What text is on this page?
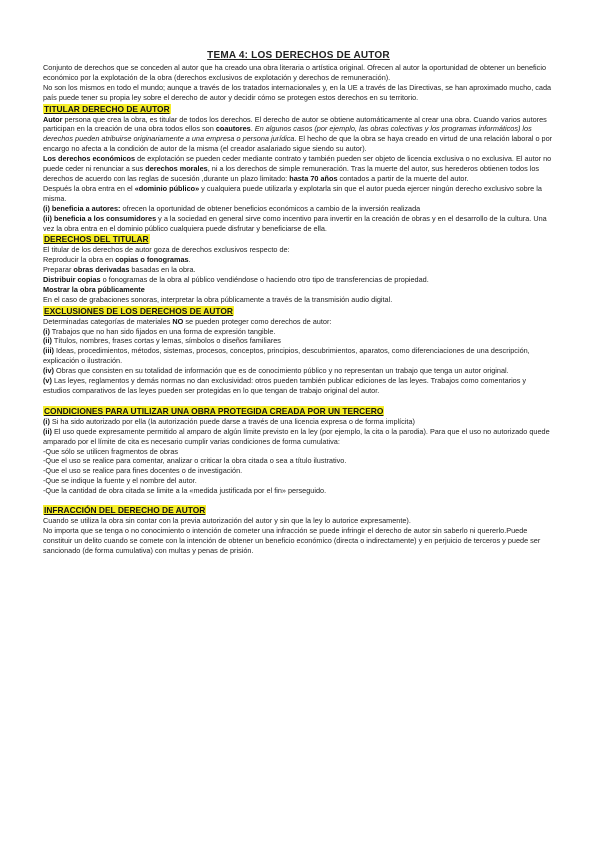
TEMA 4: LOS DERECHOS DE AUTOR

Conjunto de derechos que se conceden al autor que ha creado una obra literaria o artística original. Ofrecen al autor la oportunidad de obtener un beneficio económico por la explotación de la obra (derechos exclusivos de explotación y derechos de remuneración).

No son los mismos en todo el mundo; aunque a través de los tratados internacionales y, en la UE a través de las Directivas, se han aproximado mucho, cada país puede tener su propia ley sobre el derecho de autor y decidir cómo se protegen estos derechos en su territorio.

TITULAR DERECHO DE AUTOR

Autor persona que crea la obra, es titular de todos los derechos. El derecho de autor se obtiene automáticamente al crear una obra. Cuando varios autores participan en la creación de una obra todos ellos son coautores. En algunos casos (por ejemplo, las obras colectivas y los programas informáticos) los derechos pueden atribuirse originariamente a una empresa o persona jurídica. El hecho de que la obra se haya creado en virtud de una relación laboral o por encargo no afecta a la condición de autor de la misma (el creador asalariado sigue siendo su autor).

Los derechos económicos de explotación se pueden ceder mediante contrato y también pueden ser objeto de licencia exclusiva o no exclusiva. El autor no puede ceder ni renunciar a sus derechos morales, ni a los derechos de simple remuneración. Tras la muerte del autor, sus herederos obtienen todos los derechos de acuerdo con las reglas de sucesión ,durante un plazo limitado: hasta 70 años contados a partir de la muerte del autor.

Después la obra entra en el «dominio público» y cualquiera puede utilizarla y explotarla sin que el autor pueda ejercer ningún derecho exclusivo sobre la misma.

(i) beneficia a autores: ofrecen la oportunidad de obtener beneficios económicos a cambio de la inversión realizada

(ii) beneficia a los consumidores y a la sociedad en general sirve como incentivo para invertir en la creación de obras y en el desarrollo de la cultura. Una vez la obra entra en el dominio público cualquiera puede disfrutar y beneficiarse de ella.

DERECHOS DEL TITULAR

El titular de los derechos de autor goza de derechos exclusivos respecto de:

Reproducir la obra en copias o fonogramas.

Preparar obras derivadas basadas en la obra.

Distribuir copias o fonogramas de la obra al público vendiéndose o haciendo otro tipo de transferencias de propiedad.

Mostrar la obra públicamente

En el caso de grabaciones sonoras, interpretar la obra públicamente a través de la transmisión audio digital.

EXCLUSIONES DE LOS DERECHOS DE AUTOR

Determinadas categorías de materiales NO se pueden proteger como derechos de autor:

(i) Trabajos que no han sido fijados en una forma de expresión tangible.

(ii) Títulos, nombres, frases cortas y lemas, símbolos o diseños familiares

(iii) Ideas, procedimientos, métodos, sistemas, procesos, conceptos, principios, descubrimientos, aparatos, como diferenciaciones de una descripción, explicación o ilustración.

(iv) Obras que consisten en su totalidad de información que es de conocimiento público y no representan un trabajo que tenga un autor original.

(v) Las leyes, reglamentos y demás normas no dan exclusividad: otros pueden también publicar ediciones de las leyes. Trabajos como comentarios y estudios comparativos de las leyes pueden ser protegidas en lo que tengan de trabajo original del autor.

CONDICIONES PARA UTILIZAR UNA OBRA PROTEGIDA CREADA POR UN TERCERO

(i) Si ha sido autorizado por ella (la autorización puede darse a través de una licencia expresa o de forma implícita)

(ii) El uso quede expresamente permitido al amparo de algún límite previsto en la ley (por ejemplo, la cita o la parodia). Para que el uso no autorizado quede amparado por el límite de cita es necesario cumplir varias condiciones de forma cumulativa:

-Que sólo se utilicen fragmentos de obras

-Que el uso se realice para comentar, analizar o criticar la obra citada o sea a título ilustrativo.

-Que el uso se realice para fines docentes o de investigación.

-Que se indique la fuente y el nombre del autor.

-Que la cantidad de obra citada se limite a la «medida justificada por el fin» perseguido.

INFRACCIÓN DEL DERECHO DE AUTOR

Cuando se utiliza la obra sin contar con la previa autorización del autor y sin que la ley lo autorice expresamente).

No importa que se tenga o no conocimiento o intención de cometer una infracción se puede infringir el derecho de autor sin saberlo ni quererlo.Puede constituir un delito cuando se comete con la intención de obtener un beneficio económico (directa o indirectamente) y en perjuicio de terceros y puede ser sancionado (de forma cumulativa) con multas y penas de prisión.
